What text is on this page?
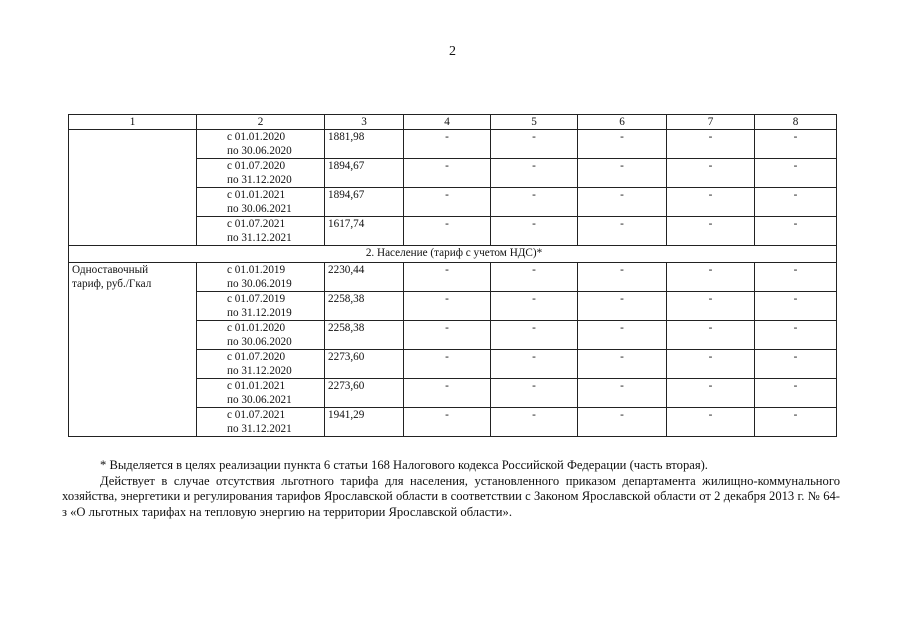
2
1	2	3	4	5	6	7	8

	с 01.01.2020
по 30.06.2020	1881,98	-	-	-	-	-

	с 01.07.2020
по 31.12.2020	1894,67	-	-	-	-	-

	с 01.01.2021
по 30.06.2021	1894,67	-	-	-	-	-

	с 01.07.2021
по 31.12.2021	1617,74	-	-	-	-	-
2. Население (тариф с учетом НДС)*							

Одноставочный
тариф, руб./Гкал	с 01.01.2019
по 30.06.2019	2230,44	-	-	-	-	-

	с 01.07.2019
по 31.12.2019	2258,38	-	-	-	-	-

	с 01.01.2020
по 30.06.2020	2258,38	-	-	-	-	-

	с 01.07.2020
по 31.12.2020	2273,60	-	-	-	-	-

	с 01.01.2021
по 30.06.2021	2273,60	-	-	-	-	-

	с 01.07.2021
по 31.12.2021	1941,29	-	-	-	-	-

* Выделяется в целях реализации пункта 6 статьи 168 Налогового кодекса Российской Федерации (часть вторая).

Действует в случае отсутствия льготного тарифа для населения, установленного приказом департамента жилищно-коммунального хозяйства, энергетики и регулирования тарифов Ярославской области в соответствии с Законом Ярославской области от 2 декабря 2013 г. № 64-з «О льготных тарифах на тепловую энергию на территории Ярославской области».
